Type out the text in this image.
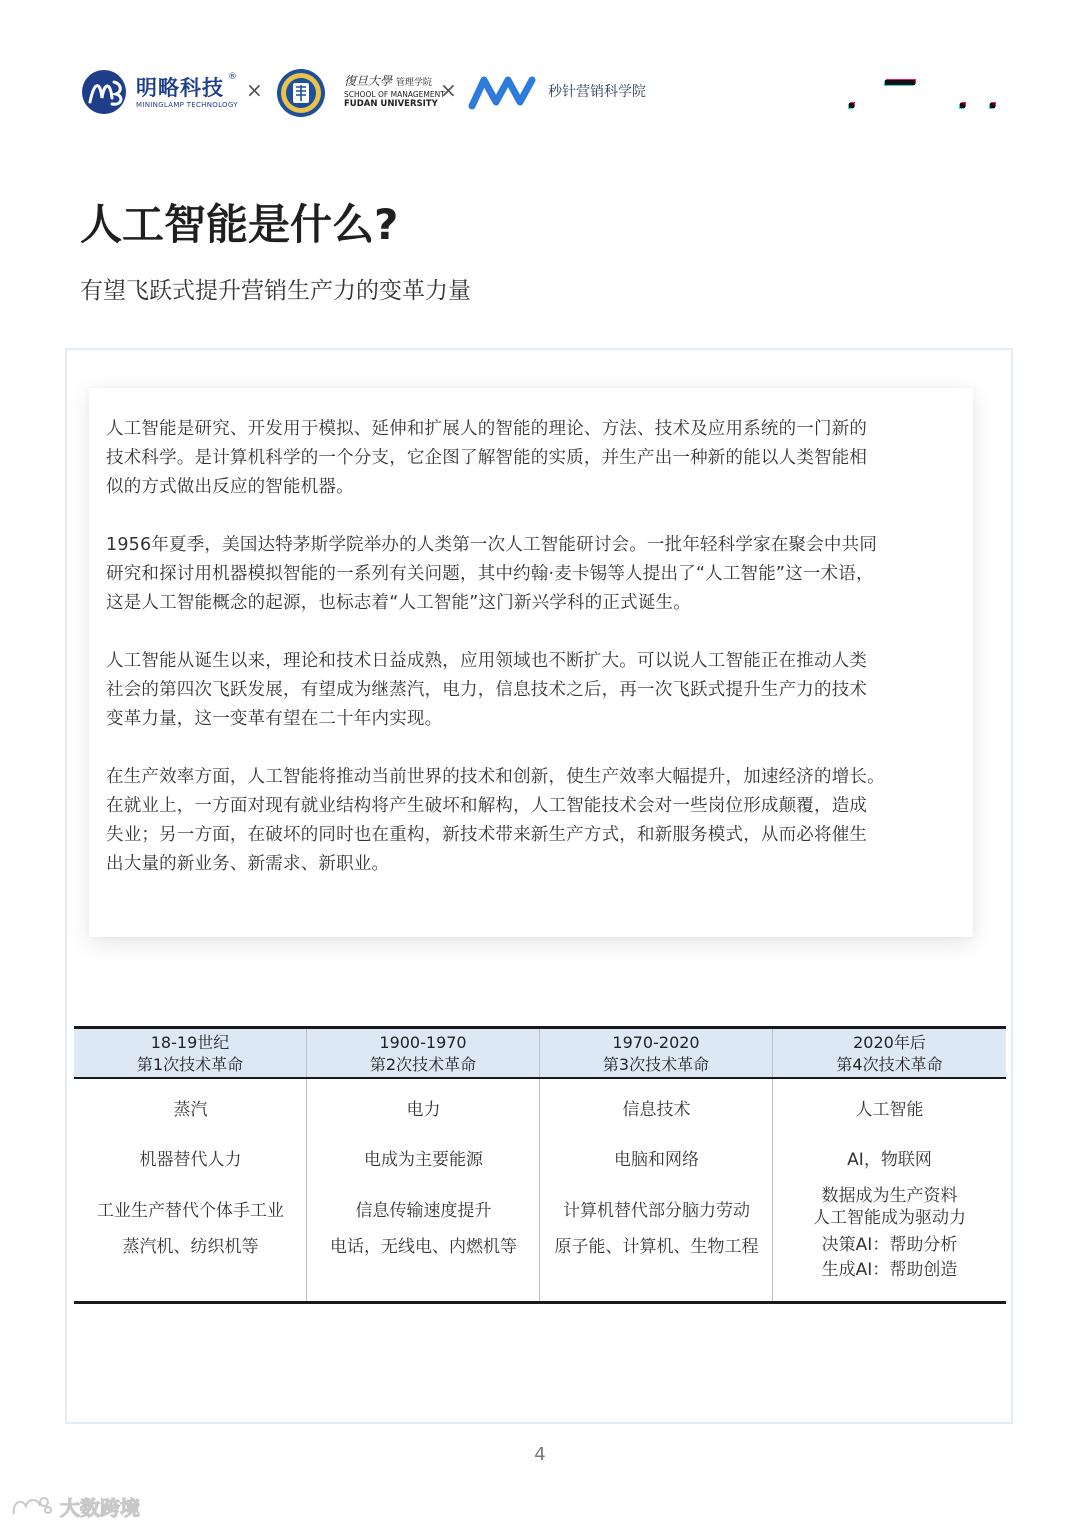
明略科技 ®
MININGLAMP TECHNOLOGY
×	復旦大學 管理学院
SCHOOL OF MANAGEMENT
FUDAN UNIVERSITY
×	秒针营销科学院
人工智能是什么?
有望飞跃式提升营销生产力的变革力量

人工智能是研究、开发用于模拟、延伸和扩展人的智能的理论、方法、技术及应用系统的一门新的
技术科学。是计算机科学的一个分支，它企图了解智能的实质，并生产出一种新的能以人类智能相
似的方式做出反应的智能机器。

1956年夏季，美国达特茅斯学院举办的人类第一次人工智能研讨会。一批年轻科学家在聚会中共同
研究和探讨用机器模拟智能的一系列有关问题，其中约翰·麦卡锡等人提出了“人工智能”这一术语，
这是人工智能概念的起源，也标志着“人工智能”这门新兴学科的正式诞生。

人工智能从诞生以来，理论和技术日益成熟，应用领域也不断扩大。可以说人工智能正在推动人类
社会的第四次飞跃发展，有望成为继蒸汽，电力，信息技术之后，再一次飞跃式提升生产力的技术
变革力量，这一变革有望在二十年内实现。

在生产效率方面，人工智能将推动当前世界的技术和创新，使生产效率大幅提升，加速经济的增长。
在就业上，一方面对现有就业结构将产生破坏和解构，人工智能技术会对一些岗位形成颠覆，造成
失业；另一方面，在破坏的同时也在重构，新技术带来新生产方式，和新服务模式，从而必将催生
出大量的新业务、新需求、新职业。

18-19世纪
第1次技术革命
1900-1970
第2次技术革命
1970-2020
第3次技术革命
2020年后
第4次技术革命
蒸汽
机器替代人力
工业生产替代个体手工业
蒸汽机、纺织机等
电力
电成为主要能源
信息传输速度提升
电话，无线电、内燃机等
信息技术
电脑和网络
计算机替代部分脑力劳动
原子能、计算机、生物工程
人工智能
AI，物联网
数据成为生产资料
人工智能成为驱动力
决策AI：帮助分析
生成AI：帮助创造
4
大数跨境
